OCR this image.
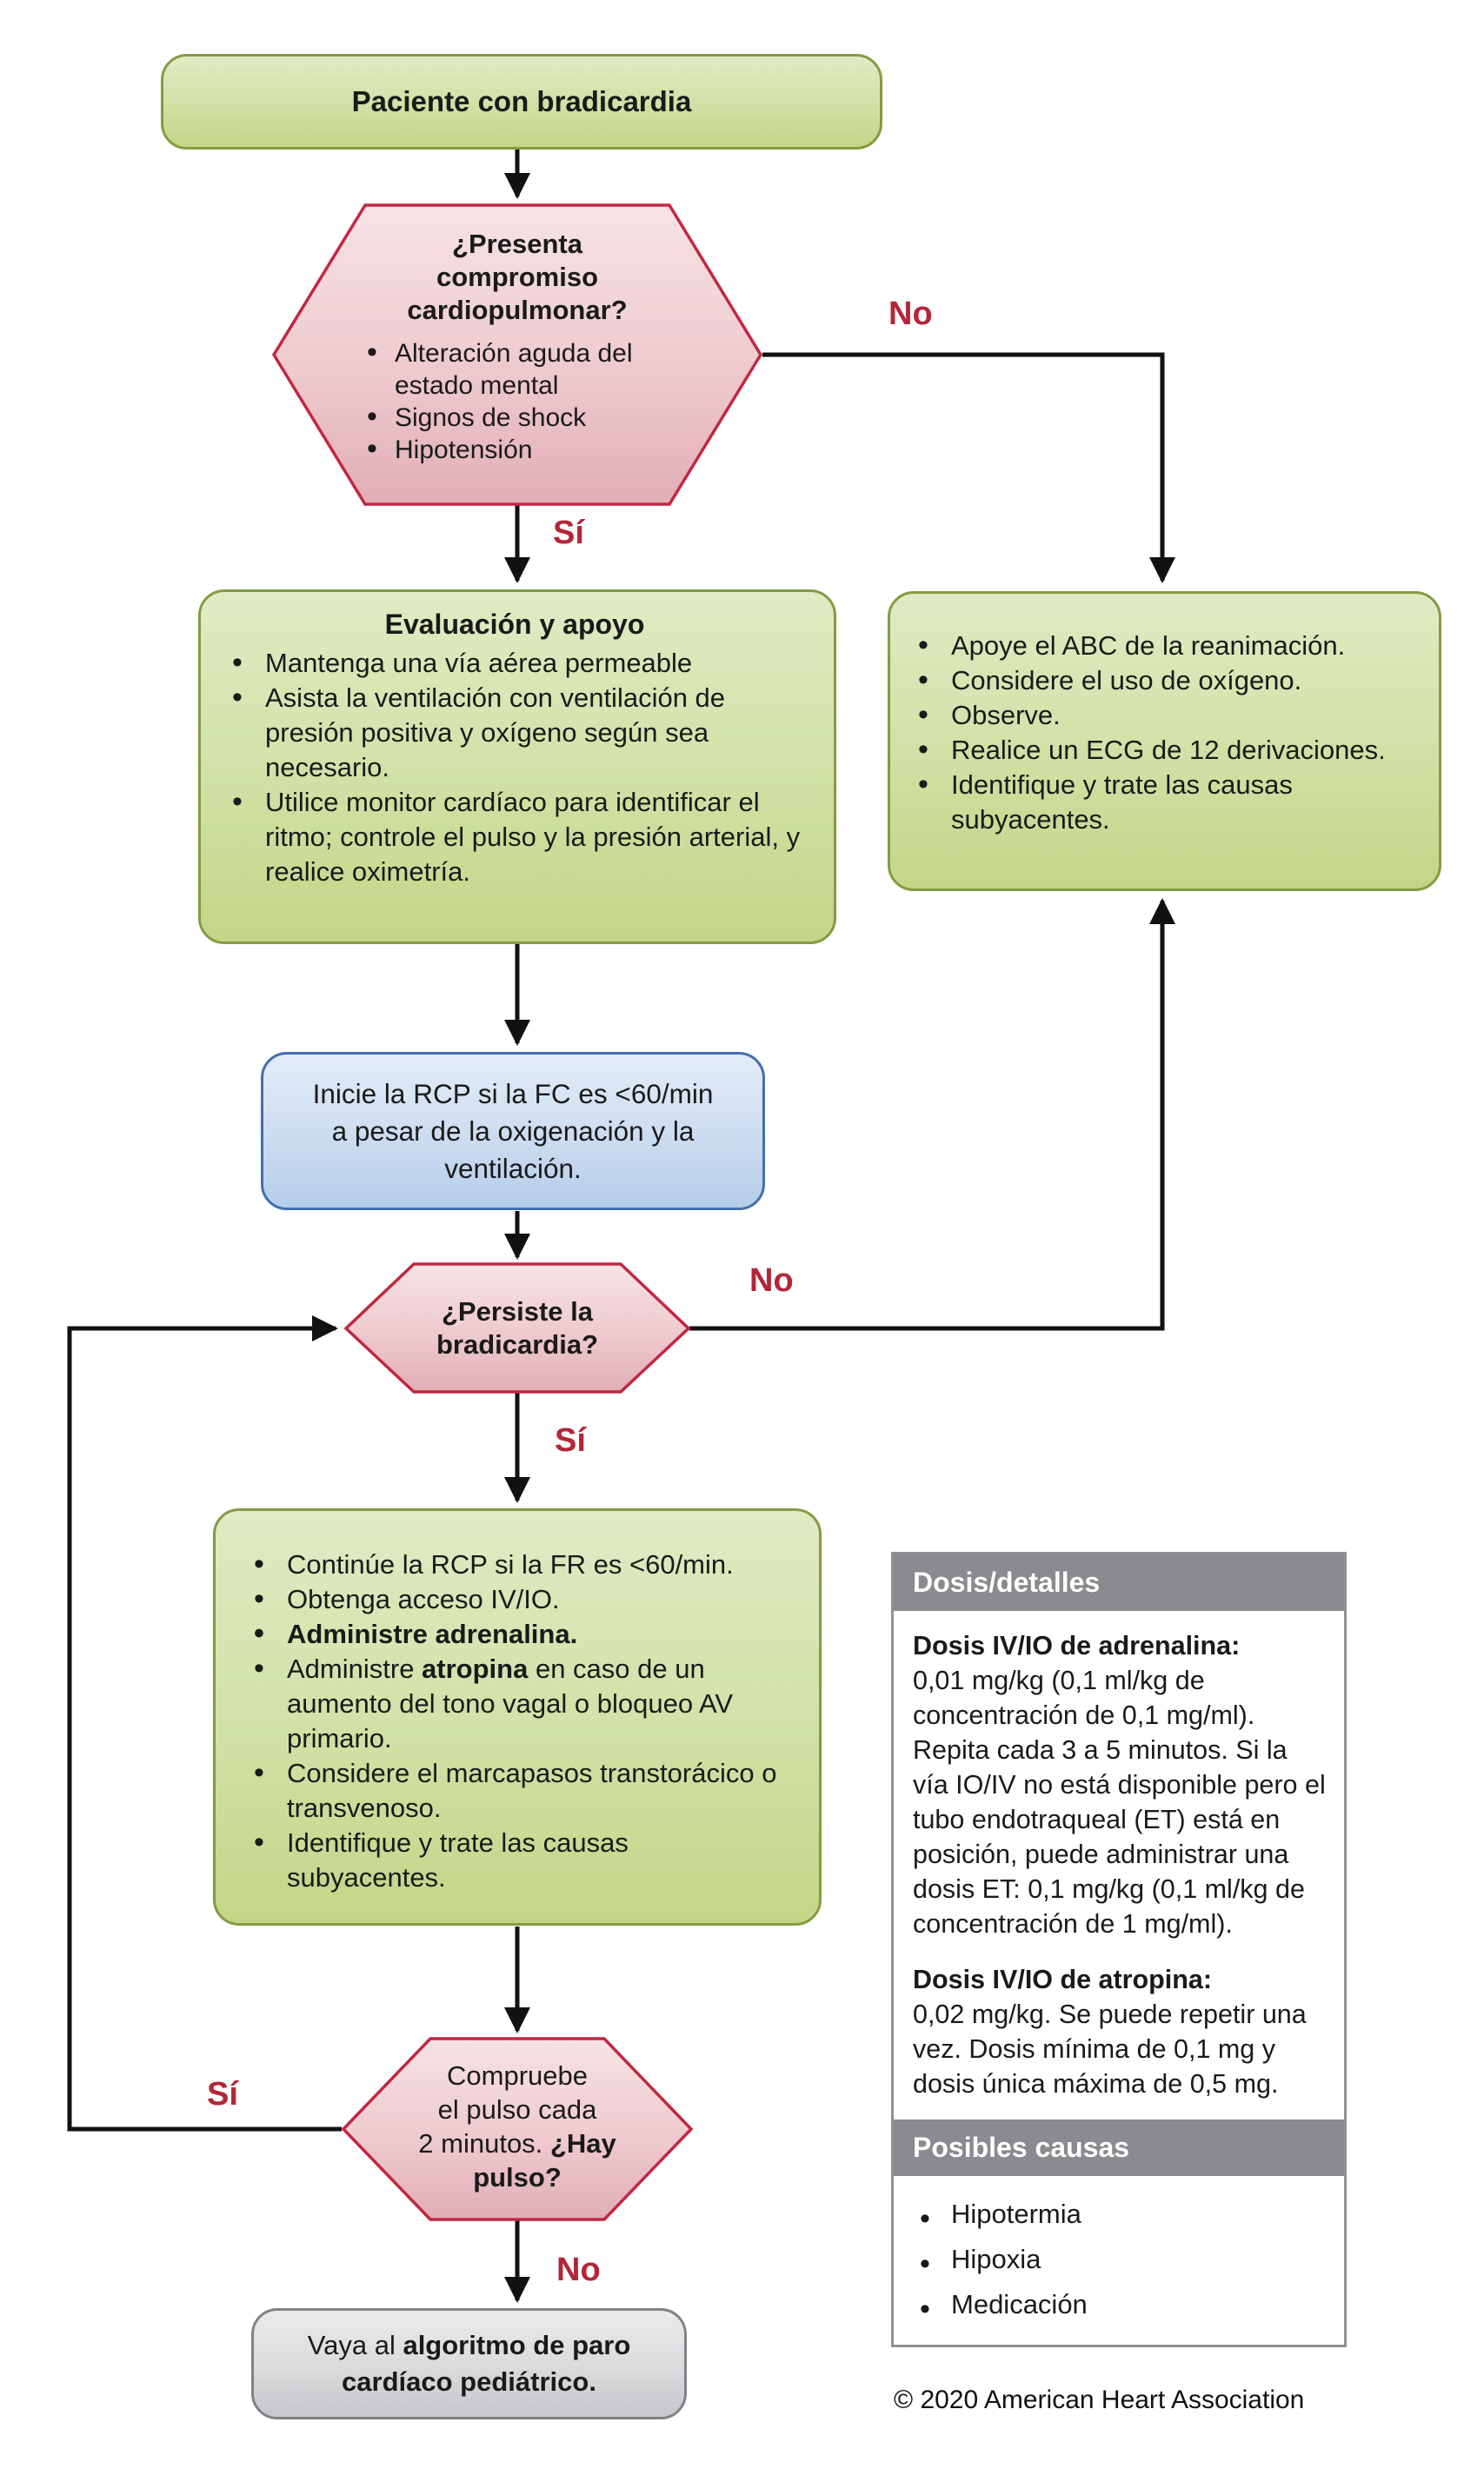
Paciente con bradicardia
¿Presenta
compromiso
cardiopulmonar?
• Alteración aguda del estado mental
• Signos de shock
• Hipotensión
No
Sí
Evaluación y apoyo
• Mantenga una vía aérea permeable
• Asista la ventilación con ventilación de presión positiva y oxígeno según sea necesario.
• Utilice monitor cardíaco para identificar el ritmo; controle el pulso y la presión arterial, y realice oximetría.
• Apoye el ABC de la reanimación.
• Considere el uso de oxígeno.
• Observe.
• Realice un ECG de 12 derivaciones.
• Identifique y trate las causas subyacentes.
Inicie la RCP si la FC es <60/min
a pesar de la oxigenación y la
ventilación.
¿Persiste la
bradicardia?
No
Sí
• Continúe la RCP si la FR es <60/min.
• Obtenga acceso IV/IO.
• Administre adrenalina.
• Administre atropina en caso de un aumento del tono vagal o bloqueo AV primario.
• Considere el marcapasos transtorácico o transvenoso.
• Identifique y trate las causas subyacentes.
Compruebe
el pulso cada
2 minutos. ¿Hay
pulso?
Sí
No
Vaya al algoritmo de paro
cardíaco pediátrico.
Dosis/detalles
Dosis IV/IO de adrenalina:
0,01 mg/kg (0,1 ml/kg de concentración de 0,1 mg/ml). Repita cada 3 a 5 minutos. Si la vía IO/IV no está disponible pero el tubo endotraqueal (ET) está en posición, puede administrar una dosis ET: 0,1 mg/kg (0,1 ml/kg de concentración de 1 mg/ml).
Dosis IV/IO de atropina:
0,02 mg/kg. Se puede repetir una vez. Dosis mínima de 0,1 mg y dosis única máxima de 0,5 mg.
Posibles causas
• Hipotermia
• Hipoxia
• Medicación
© 2020 American Heart Association
